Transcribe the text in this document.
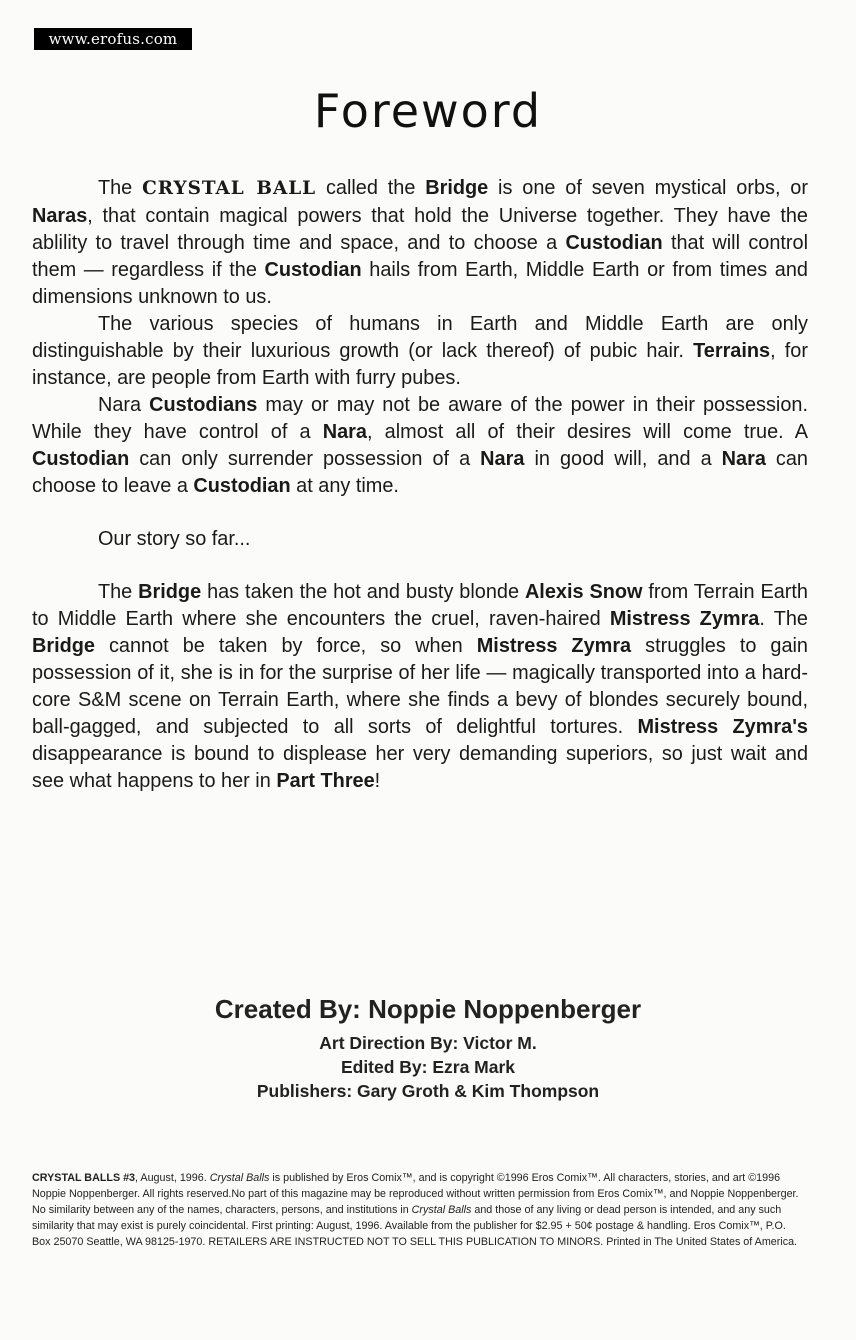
www.erofus.com
Foreword

The CRYSTAL BALL called the Bridge is one of seven mystical orbs, or Naras, that contain magical powers that hold the Universe together. They have the ablility to travel through time and space, and to choose a Custodian that will control them — regardless if the Custodian hails from Earth, Middle Earth or from times and dimensions unknown to us.

The various species of humans in Earth and Middle Earth are only distinguishable by their luxurious growth (or lack thereof) of pubic hair. Terrains, for instance, are people from Earth with furry pubes.

Nara Custodians may or may not be aware of the power in their possession. While they have control of a Nara, almost all of their desires will come true. A Custodian can only surrender possession of a Nara in good will, and a Nara can choose to leave a Custodian at any time.

Our story so far...

The Bridge has taken the hot and busty blonde Alexis Snow from Terrain Earth to Middle Earth where she encounters the cruel, raven-haired Mistress Zymra. The Bridge cannot be taken by force, so when Mistress Zymra struggles to gain possession of it, she is in for the surprise of her life — magically transported into a hard-core S&M scene on Terrain Earth, where she finds a bevy of blondes securely bound, ball-gagged, and subjected to all sorts of delightful tortures. Mistress Zymra's disappearance is bound to displease her very demanding superiors, so just wait and see what happens to her in Part Three!

Created By: Noppie Noppenberger

Art Direction By: Victor M.

Edited By: Ezra Mark

Publishers: Gary Groth & Kim Thompson

CRYSTAL BALLS #3, August, 1996. Crystal Balls is published by Eros Comix™, and is copyright ©1996 Eros Comix™. All characters, stories, and art ©1996 Noppie Noppenberger. All rights reserved.No part of this magazine may be reproduced without written permission from Eros Comix™, and Noppie Noppenberger. No similarity between any of the names, characters, persons, and institutions in Crystal Balls and those of any living or dead person is intended, and any such similarity that may exist is purely coincidental. First printing: August, 1996. Available from the publisher for $2.95 + 50¢ postage & handling. Eros Comix™, P.O. Box 25070 Seattle, WA 98125-1970. RETAILERS ARE INSTRUCTED NOT TO SELL THIS PUBLICATION TO MINORS. Printed in The United States of America.
